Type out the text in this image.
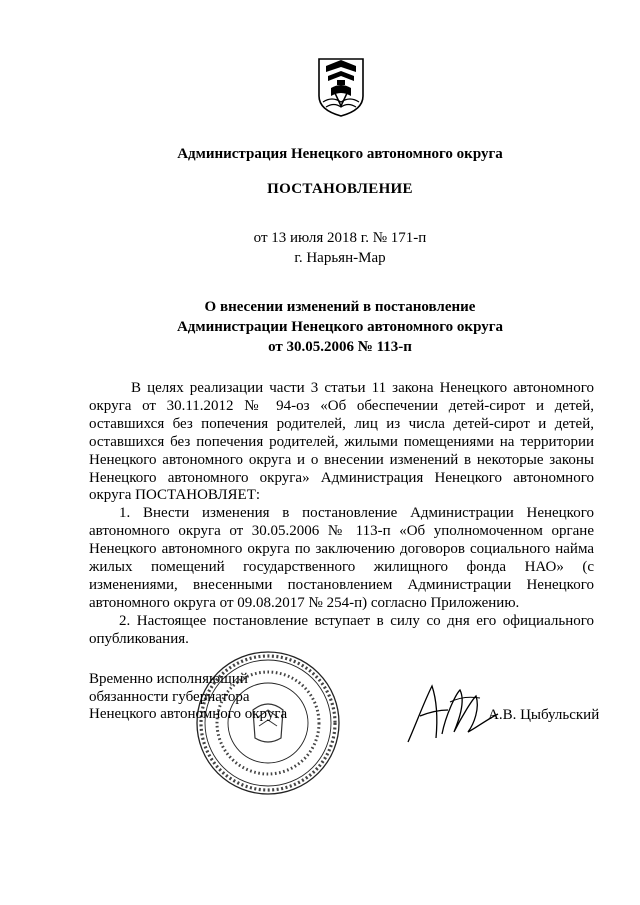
Администрация Ненецкого автономного округа
ПОСТАНОВЛЕНИЕ
от 13 июля 2018 г. № 171-п
г. Нарьян-Мар
О внесении изменений в постановление
Администрации Ненецкого автономного округа
от 30.05.2006 № 113-п

В целях реализации части 3 статьи 11 закона Ненецкого автономного округа от 30.11.2012 № 94-оз «Об обеспечении детей-сирот и детей, оставшихся без попечения родителей, лиц из числа детей-сирот и детей, оставшихся без попечения родителей, жилыми помещениями на территории Ненецкого автономного округа и о внесении изменений в некоторые законы Ненецкого автономного округа» Администрация Ненецкого автономного округа ПОСТАНОВЛЯЕТ:

1. Внести изменения в постановление Администрации Ненецкого автономного округа от 30.05.2006 № 113-п «Об уполномоченном органе Ненецкого автономного округа по заключению договоров социального найма жилых помещений государственного жилищного фонда НАО» (с изменениями, внесенными постановлением Администрации Ненецкого автономного округа от 09.08.2017 № 254-п) согласно Приложению.

2. Настоящее постановление вступает в силу со дня его официального опубликования.

Временно исполняющий
обязанности губернатора
Ненецкого автономного округа	А.В. Цыбульский
